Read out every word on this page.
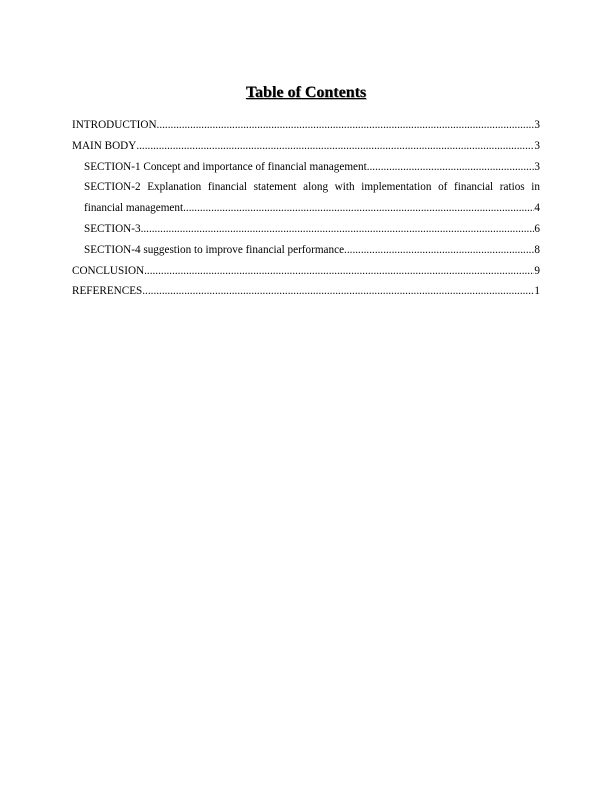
Table of Contents
INTRODUCTION .....	3
MAIN BODY .....	3
SECTION-1 Concept and importance of financial management .....	3
SECTION-2 Explanation financial statement along with implementation of financial ratios in
financial management .....	4
SECTION-3 .....	6
SECTION-4 suggestion to improve financial performance .....	8
CONCLUSION .....	9
REFERENCES .....	1
